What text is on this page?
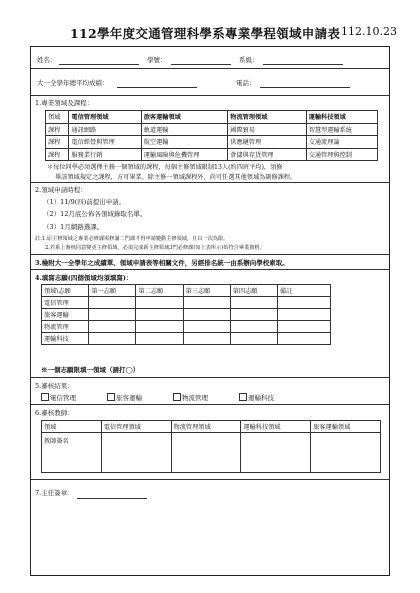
112學年度交通管理科學系專業學程領域申請表 112.10.23
姓名：	學號：	系級：
大一全學年總平均成績：	電話：
1.專業領域及課程：
領域	電信管理領域	旅客運輸領域	物流管理領域	運輸科技領域
課程	通訊網路	軌道運輸	國際貿易	智慧型運輸系統
課程	電信經營與管理	航空運輸	供應鏈管理	交通流理論
課程	服務業行銷	運輸風險與危機管理	倉儲與存貨管理	交通管理與控制
＊每位同學必須選擇主修一個領域的課程，每個主修領域限制13人(約四班平均)，須修
畢該領域規定之課程，方可畢業。除主修一領域課程外，尚可任選其他領域為副修課程。
2.領域申請時程：
（1）11/9(四)前提出申請。
（2）12月底公佈各領域錄取名單。
（3）1月網路選課。
註:1.原主修領域之專業必修課需修滿二門課才得申請變動主修領域，且以一次為限。
2.若系上審核同意變更主修領域，必須完成新主修領域3門必修課(如上表所示)始符合畢業資格。
3.檢附大一全學年之成績單、領域申請表等相關文件，另經排名統一由系辦向學校索取。
4.填寫志願(四個領域均須填寫)：
領域\志願	第一志願	第二志願	第三志願	第四志願	備註
電信管理					
旅客運輸					
物流管理					
運輸科技					
※一個志願限填一領域（請打◯）
5.審核結果：
電信管理	旅客運輸	物流管理	運輸科技
6.審核教師：
領域	電信管理領域	物流管理領域	運輸科技領域	旅客運輸領域
教師簽名				
7.主任簽章：
